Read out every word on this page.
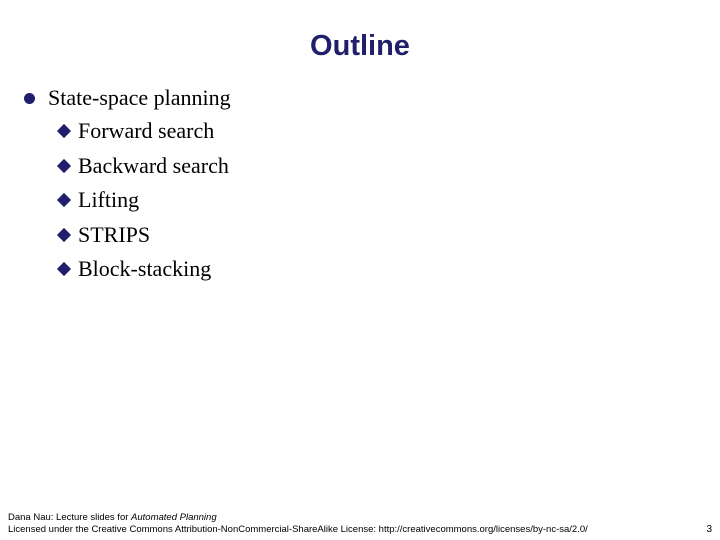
Outline
State-space planning
Forward search
Backward search
Lifting
STRIPS
Block-stacking
Dana Nau: Lecture slides for Automated Planning
Licensed under the Creative Commons Attribution-NonCommercial-ShareAlike License: http://creativecommons.org/licenses/by-nc-sa/2.0/	3
